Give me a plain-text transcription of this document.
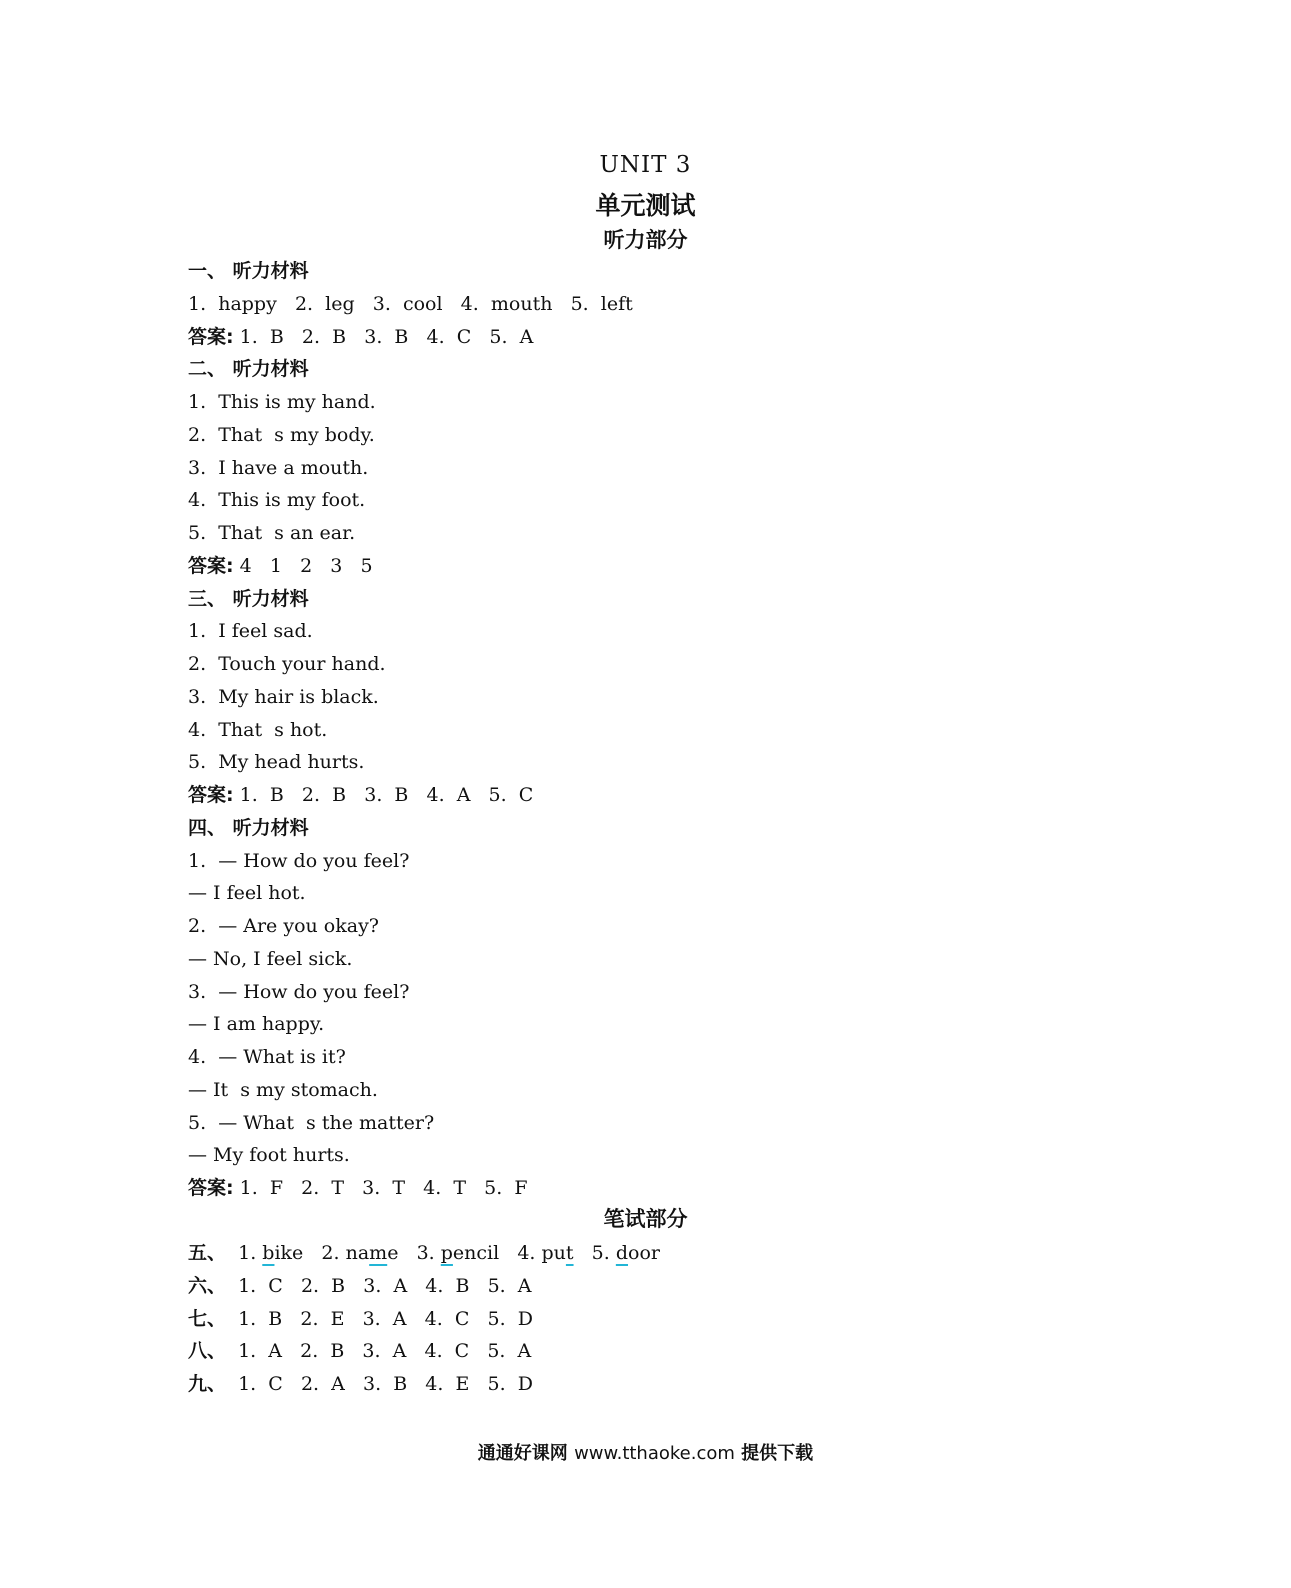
UNIT 3
单元测试
听力部分
一、 听力材料
1.  happy   2.  leg   3.  cool   4.  mouth   5.  left
答案: 1.  B   2.  B   3.  B   4.  C   5.  A
二、 听力材料
1.  This is my hand.
2.  That  s my body.
3.  I have a mouth.
4.  This is my foot.
5.  That  s an ear.
答案: 4   1   2   3   5
三、 听力材料
1.  I feel sad.
2.  Touch your hand.
3.  My hair is black.
4.  That  s hot.
5.  My head hurts.
答案: 1.  B   2.  B   3.  B   4.  A   5.  C
四、 听力材料
1.  — How do you feel?
— I feel hot.
2.  — Are you okay?
— No, I feel sick.
3.  — How do you feel?
— I am happy.
4.  — What is it?
— It  s my stomach.
5.  — What  s the matter?
— My foot hurts.
答案: 1.  F   2.  T   3.  T   4.  T   5.  F
笔试部分
五、 1. bike 2. name 3. pencil 4. put 5. door
六、  1.  C   2.  B   3.  A   4.  B   5.  A
七、  1.  B   2.  E   3.  A   4.  C   5.  D
八、  1.  A   2.  B   3.  A   4.  C   5.  A
九、  1.  C   2.  A   3.  B   4.  E   5.  D
通通好课网 www.tthaoke.com 提供下载
